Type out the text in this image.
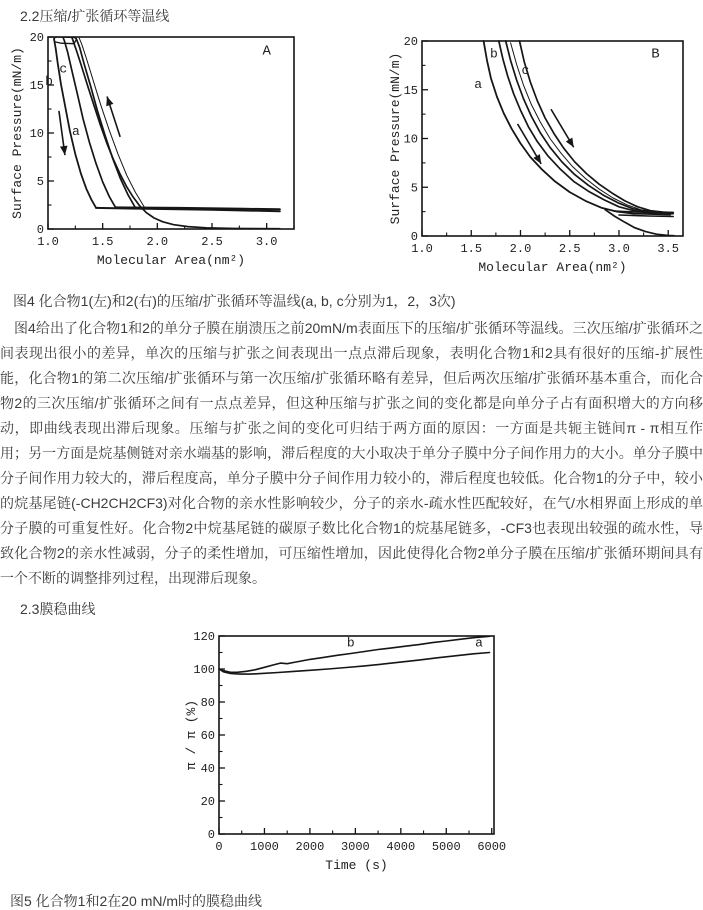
2.2压缩/扩张循环等温线
1.0	1.5	2.0	2.5	3.0
0
5
10
15
20
Molecular Area(nm²)
Surface Pressure(mN/m)	a
b
c
A
1.0 1.5 2.0 2.5 3.0 3.5
0
5
10
15
20
Molecular Area(nm²)
Surface Pressure(mN/m)	a
b
c
B
图4 化合物1(左)和2(右)的压缩/扩张循环等温线(a, b, c分别为1，2，3次)

图4给出了化合物1和2的单分子膜在崩溃压之前20mN/m表面压下的压缩/扩张循环等温线。三次压缩/扩张循环之间表现出很小的差异，单次的压缩与扩张之间表现出一点点滞后现象，表明化合物1和2具有很好的压缩-扩展性能，化合物1的第二次压缩/扩张循环与第一次压缩/扩张循环略有差异，但后两次压缩/扩张循环基本重合，而化合物2的三次压缩/扩张循环之间有一点点差异，但这种压缩与扩张之间的变化都是向单分子占有面积增大的方向移动，即曲线表现出滞后现象。压缩与扩张之间的变化可归结于两方面的原因：一方面是共轭主链间π - π相互作用；另一方面是烷基侧链对亲水端基的影响，滞后程度的大小取决于单分子膜中分子间作用力的大小。单分子膜中分子间作用力较大的，滞后程度高，单分子膜中分子间作用力较小的，滞后程度也较低。化合物1的分子中，较小的烷基尾链(-CH2CH2CF3)对化合物的亲水性影响较少，分子的亲水-疏水性匹配较好，在气/水相界面上形成的单分子膜的可重复性好。化合物2中烷基尾链的碳原子数比化合物1的烷基尾链多，-CF3也表现出较强的疏水性，导致化合物2的亲水性减弱，分子的柔性增加，可压缩性增加，因此使得化合物2单分子膜在压缩/扩张循环期间具有一个不断的调整排列过程，出现滞后现象。

2.3膜稳曲线
0 1000 2000 3000 4000 5000 6000
0
20
40
60
80
100
120
Time (s)
π / π (%)
b	a
图5 化合物1和2在20 mN/m时的膜稳曲线
